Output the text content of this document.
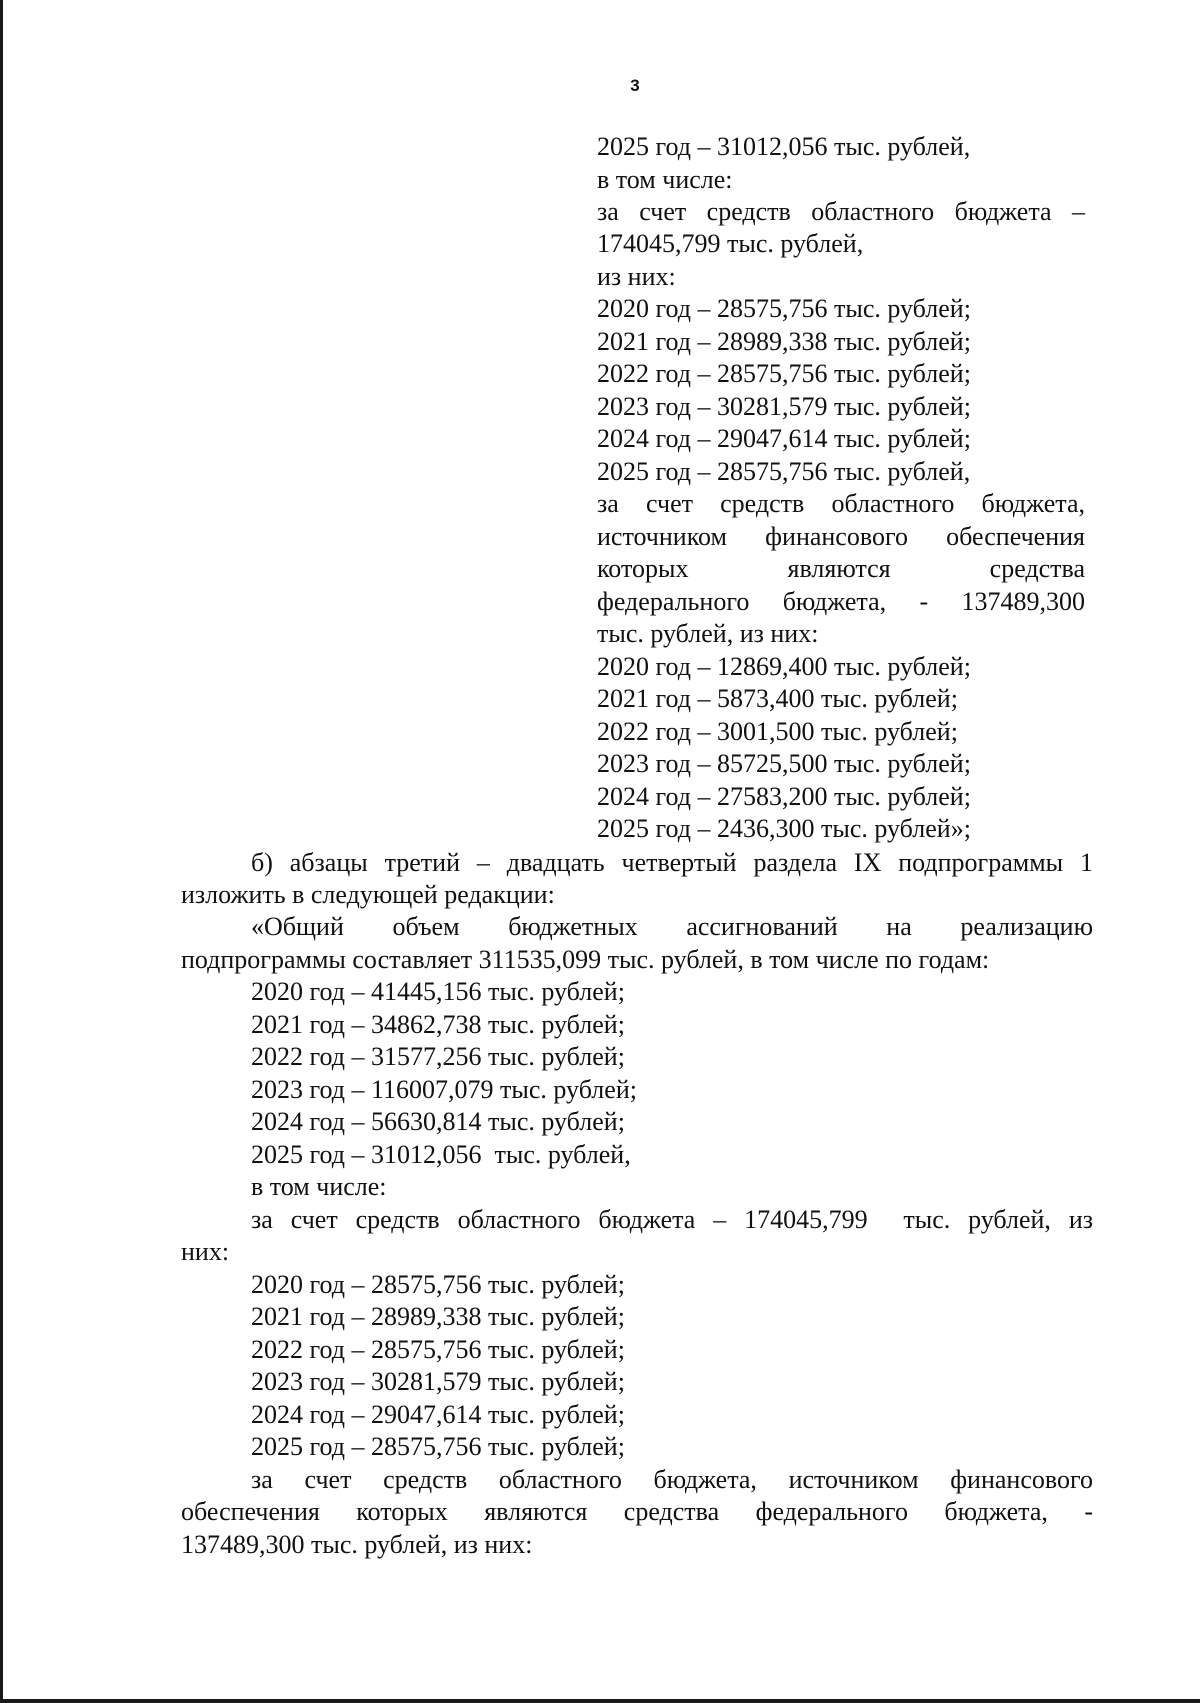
3
2025 год – 31012,056 тыс. рублей,
в том числе:
за счет средств областного бюджета –
174045,799 тыс. рублей,
из них:
2020 год – 28575,756 тыс. рублей;
2021 год – 28989,338 тыс. рублей;
2022 год – 28575,756 тыс. рублей;
2023 год – 30281,579 тыс. рублей;
2024 год – 29047,614 тыс. рублей;
2025 год – 28575,756 тыс. рублей,
за счет средств областного бюджета,
источником финансового обеспечения
которых являются средства
федерального бюджета, - 137489,300
тыс. рублей, из них:
2020 год – 12869,400 тыс. рублей;
2021 год – 5873,400 тыс. рублей;
2022 год – 3001,500 тыс. рублей;
2023 год – 85725,500 тыс. рублей;
2024 год – 27583,200 тыс. рублей;
2025 год – 2436,300 тыс. рублей»;
б) абзацы третий – двадцать четвертый раздела IX подпрограммы 1
изложить в следующей редакции:
«Общий объем бюджетных ассигнований на реализацию
подпрограммы составляет 311535,099 тыс. рублей, в том числе по годам:
2020 год – 41445,156 тыс. рублей;
2021 год – 34862,738 тыс. рублей;
2022 год – 31577,256 тыс. рублей;
2023 год – 116007,079 тыс. рублей;
2024 год – 56630,814 тыс. рублей;
2025 год – 31012,056  тыс. рублей,
в том числе:
за счет средств областного бюджета – 174045,799  тыс. рублей, из
них:
2020 год – 28575,756 тыс. рублей;
2021 год – 28989,338 тыс. рублей;
2022 год – 28575,756 тыс. рублей;
2023 год – 30281,579 тыс. рублей;
2024 год – 29047,614 тыс. рублей;
2025 год – 28575,756 тыс. рублей;
за счет средств областного бюджета, источником финансового
обеспечения которых являются средства федерального бюджета, -
137489,300 тыс. рублей, из них:
